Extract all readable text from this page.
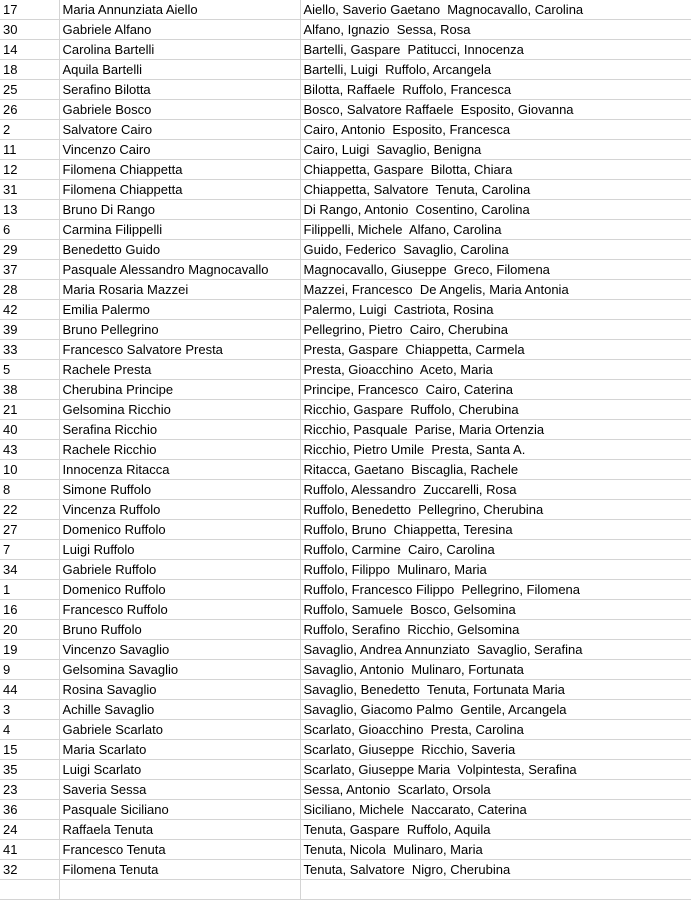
17	Maria Annunziata Aiello	Aiello, Saverio Gaetano  Magnocavallo, Carolina
30	Gabriele Alfano	Alfano, Ignazio  Sessa, Rosa
14	Carolina Bartelli	Bartelli, Gaspare  Patitucci, Innocenza
18	Aquila Bartelli	Bartelli, Luigi  Ruffolo, Arcangela
25	Serafino Bilotta	Bilotta, Raffaele  Ruffolo, Francesca
26	Gabriele Bosco	Bosco, Salvatore Raffaele  Esposito, Giovanna
2	Salvatore Cairo	Cairo, Antonio  Esposito, Francesca
11	Vincenzo Cairo	Cairo, Luigi  Savaglio, Benigna
12	Filomena Chiappetta	Chiappetta, Gaspare  Bilotta, Chiara
31	Filomena Chiappetta	Chiappetta, Salvatore  Tenuta, Carolina
13	Bruno Di Rango	Di Rango, Antonio  Cosentino, Carolina
6	Carmina Filippelli	Filippelli, Michele  Alfano, Carolina
29	Benedetto Guido	Guido, Federico  Savaglio, Carolina
37	Pasquale Alessandro Magnocavallo	Magnocavallo, Giuseppe  Greco, Filomena
28	Maria Rosaria Mazzei	Mazzei, Francesco  De Angelis, Maria Antonia
42	Emilia Palermo	Palermo, Luigi  Castriota, Rosina
39	Bruno Pellegrino	Pellegrino, Pietro  Cairo, Cherubina
33	Francesco Salvatore Presta	Presta, Gaspare  Chiappetta, Carmela
5	Rachele Presta	Presta, Gioacchino  Aceto, Maria
38	Cherubina Principe	Principe, Francesco  Cairo, Caterina
21	Gelsomina Ricchio	Ricchio, Gaspare  Ruffolo, Cherubina
40	Serafina Ricchio	Ricchio, Pasquale  Parise, Maria Ortenzia
43	Rachele Ricchio	Ricchio, Pietro Umile  Presta, Santa A.
10	Innocenza Ritacca	Ritacca, Gaetano  Biscaglia, Rachele
8	Simone Ruffolo	Ruffolo, Alessandro  Zuccarelli, Rosa
22	Vincenza Ruffolo	Ruffolo, Benedetto  Pellegrino, Cherubina
27	Domenico Ruffolo	Ruffolo, Bruno  Chiappetta, Teresina
7	Luigi Ruffolo	Ruffolo, Carmine  Cairo, Carolina
34	Gabriele Ruffolo	Ruffolo, Filippo  Mulinaro, Maria
1	Domenico Ruffolo	Ruffolo, Francesco Filippo  Pellegrino, Filomena
16	Francesco Ruffolo	Ruffolo, Samuele  Bosco, Gelsomina
20	Bruno Ruffolo	Ruffolo, Serafino  Ricchio, Gelsomina
19	Vincenzo Savaglio	Savaglio, Andrea Annunziato  Savaglio, Serafina
9	Gelsomina Savaglio	Savaglio, Antonio  Mulinaro, Fortunata
44	Rosina Savaglio	Savaglio, Benedetto  Tenuta, Fortunata Maria
3	Achille Savaglio	Savaglio, Giacomo Palmo  Gentile, Arcangela
4	Gabriele Scarlato	Scarlato, Gioacchino  Presta, Carolina
15	Maria Scarlato	Scarlato, Giuseppe  Ricchio, Saveria
35	Luigi Scarlato	Scarlato, Giuseppe Maria  Volpintesta, Serafina
23	Saveria Sessa	Sessa, Antonio  Scarlato, Orsola
36	Pasquale Siciliano	Siciliano, Michele  Naccarato, Caterina
24	Raffaela Tenuta	Tenuta, Gaspare  Ruffolo, Aquila
41	Francesco Tenuta	Tenuta, Nicola  Mulinaro, Maria
32	Filomena Tenuta	Tenuta, Salvatore  Nigro, Cherubina
